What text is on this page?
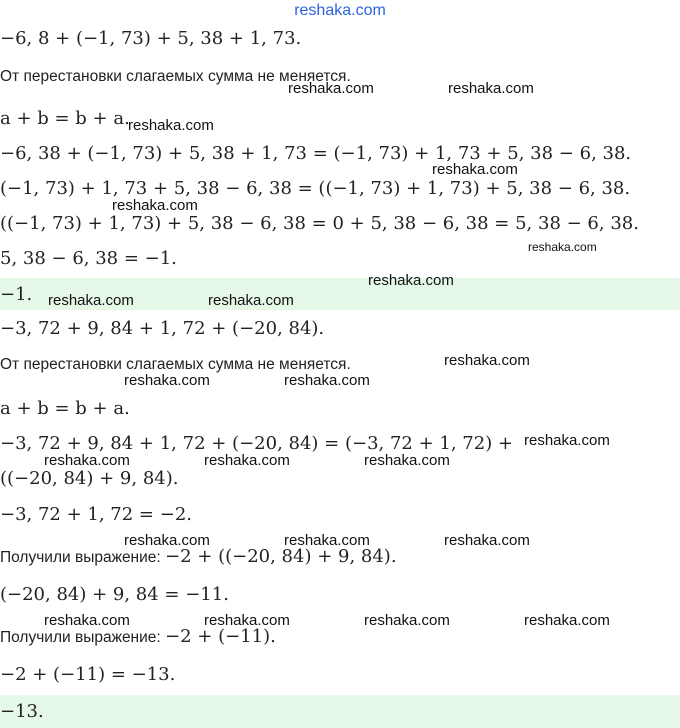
reshaka.com
−6, 8 + (−1, 73) + 5, 38 + 1, 73.
От перестановки слагаемых сумма не меняется.
a + b = b + a.
−6, 38 + (−1, 73) + 5, 38 + 1, 73 = (−1, 73) + 1, 73 + 5, 38 − 6, 38.
(−1, 73) + 1, 73 + 5, 38 − 6, 38 = ((−1, 73) + 1, 73) + 5, 38 − 6, 38.
((−1, 73) + 1, 73) + 5, 38 − 6, 38 = 0 + 5, 38 − 6, 38 = 5, 38 − 6, 38.
5, 38 − 6, 38 = −1.
−1.
−3, 72 + 9, 84 + 1, 72 + (−20, 84).
От перестановки слагаемых сумма не меняется.
a + b = b + a.
−3, 72 + 9, 84 + 1, 72 + (−20, 84) = (−3, 72 + 1, 72) +
((−20, 84) + 9, 84).
−3, 72 + 1, 72 = −2.
Получили выражение: −2 + ((−20, 84) + 9, 84).
(−20, 84) + 9, 84 = −11.
Получили выражение: −2 + (−11).
−2 + (−11) = −13.
−13.
reshaka.com	reshaka.com
reshaka.com
reshaka.com
reshaka.com
reshaka.com
reshaka.com
reshaka.com	reshaka.com
reshaka.com
reshaka.com	reshaka.com
reshaka.com
reshaka.com	reshaka.com	reshaka.com
reshaka.com	reshaka.com	reshaka.com
reshaka.com	reshaka.com	reshaka.com	reshaka.com
